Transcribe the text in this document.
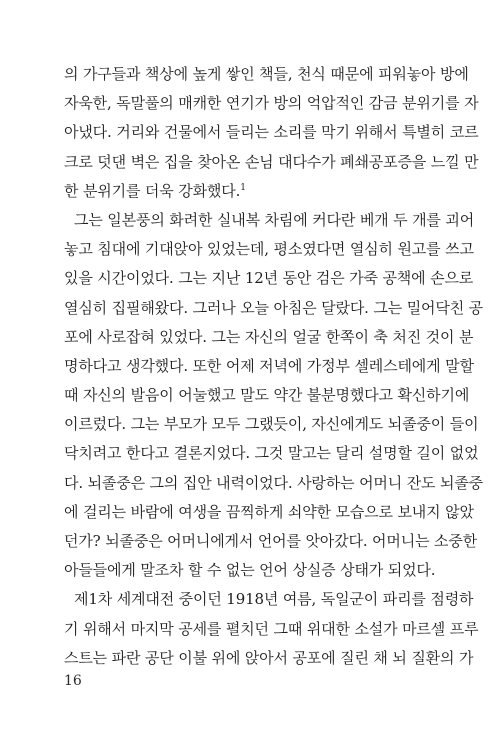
의 가구들과 책상에 높게 쌓인 책들, 천식 때문에 피워놓아 방에
자욱한, 독말풀의 매캐한 연기가 방의 억압적인 감금 분위기를 자
아냈다. 거리와 건물에서 들리는 소리를 막기 위해서 특별히 코르
크로 덧댄 벽은 집을 찾아온 손님 대다수가 폐쇄공포증을 느낄 만
한 분위기를 더욱 강화했다.$^1$

그는 일본풍의 화려한 실내복 차림에 커다란 베개 두 개를 괴어
놓고 침대에 기대앉아 있었는데, 평소였다면 열심히 원고를 쓰고
있을 시간이었다. 그는 지난 12년 동안 검은 가죽 공책에 손으로
열심히 집필해왔다. 그러나 오늘 아침은 달랐다. 그는 밀어닥친 공
포에 사로잡혀 있었다. 그는 자신의 얼굴 한쪽이 축 처진 것이 분
명하다고 생각했다. 또한 어제 저녁에 가정부 셀레스테에게 말할
때 자신의 발음이 어눌했고 말도 약간 불분명했다고 확신하기에
이르렀다. 그는 부모가 모두 그랬듯이, 자신에게도 뇌졸중이 들이
닥치려고 한다고 결론지었다. 그것 말고는 달리 설명할 길이 없었
다. 뇌졸중은 그의 집안 내력이었다. 사랑하는 어머니 잔도 뇌졸중
에 걸리는 바람에 여생을 끔찍하게 쇠약한 모습으로 보내지 않았
던가? 뇌졸중은 어머니에게서 언어를 앗아갔다. 어머니는 소중한
아들들에게 말조차 할 수 없는 언어 상실증 상태가 되었다.

제1차 세계대전 중이던 1918년 여름, 독일군이 파리를 점령하
기 위해서 마지막 공세를 펼치던 그때 위대한 소설가 마르셀 프루
스트는 파란 공단 이불 위에 앉아서 공포에 질린 채 뇌 질환의 가

16
